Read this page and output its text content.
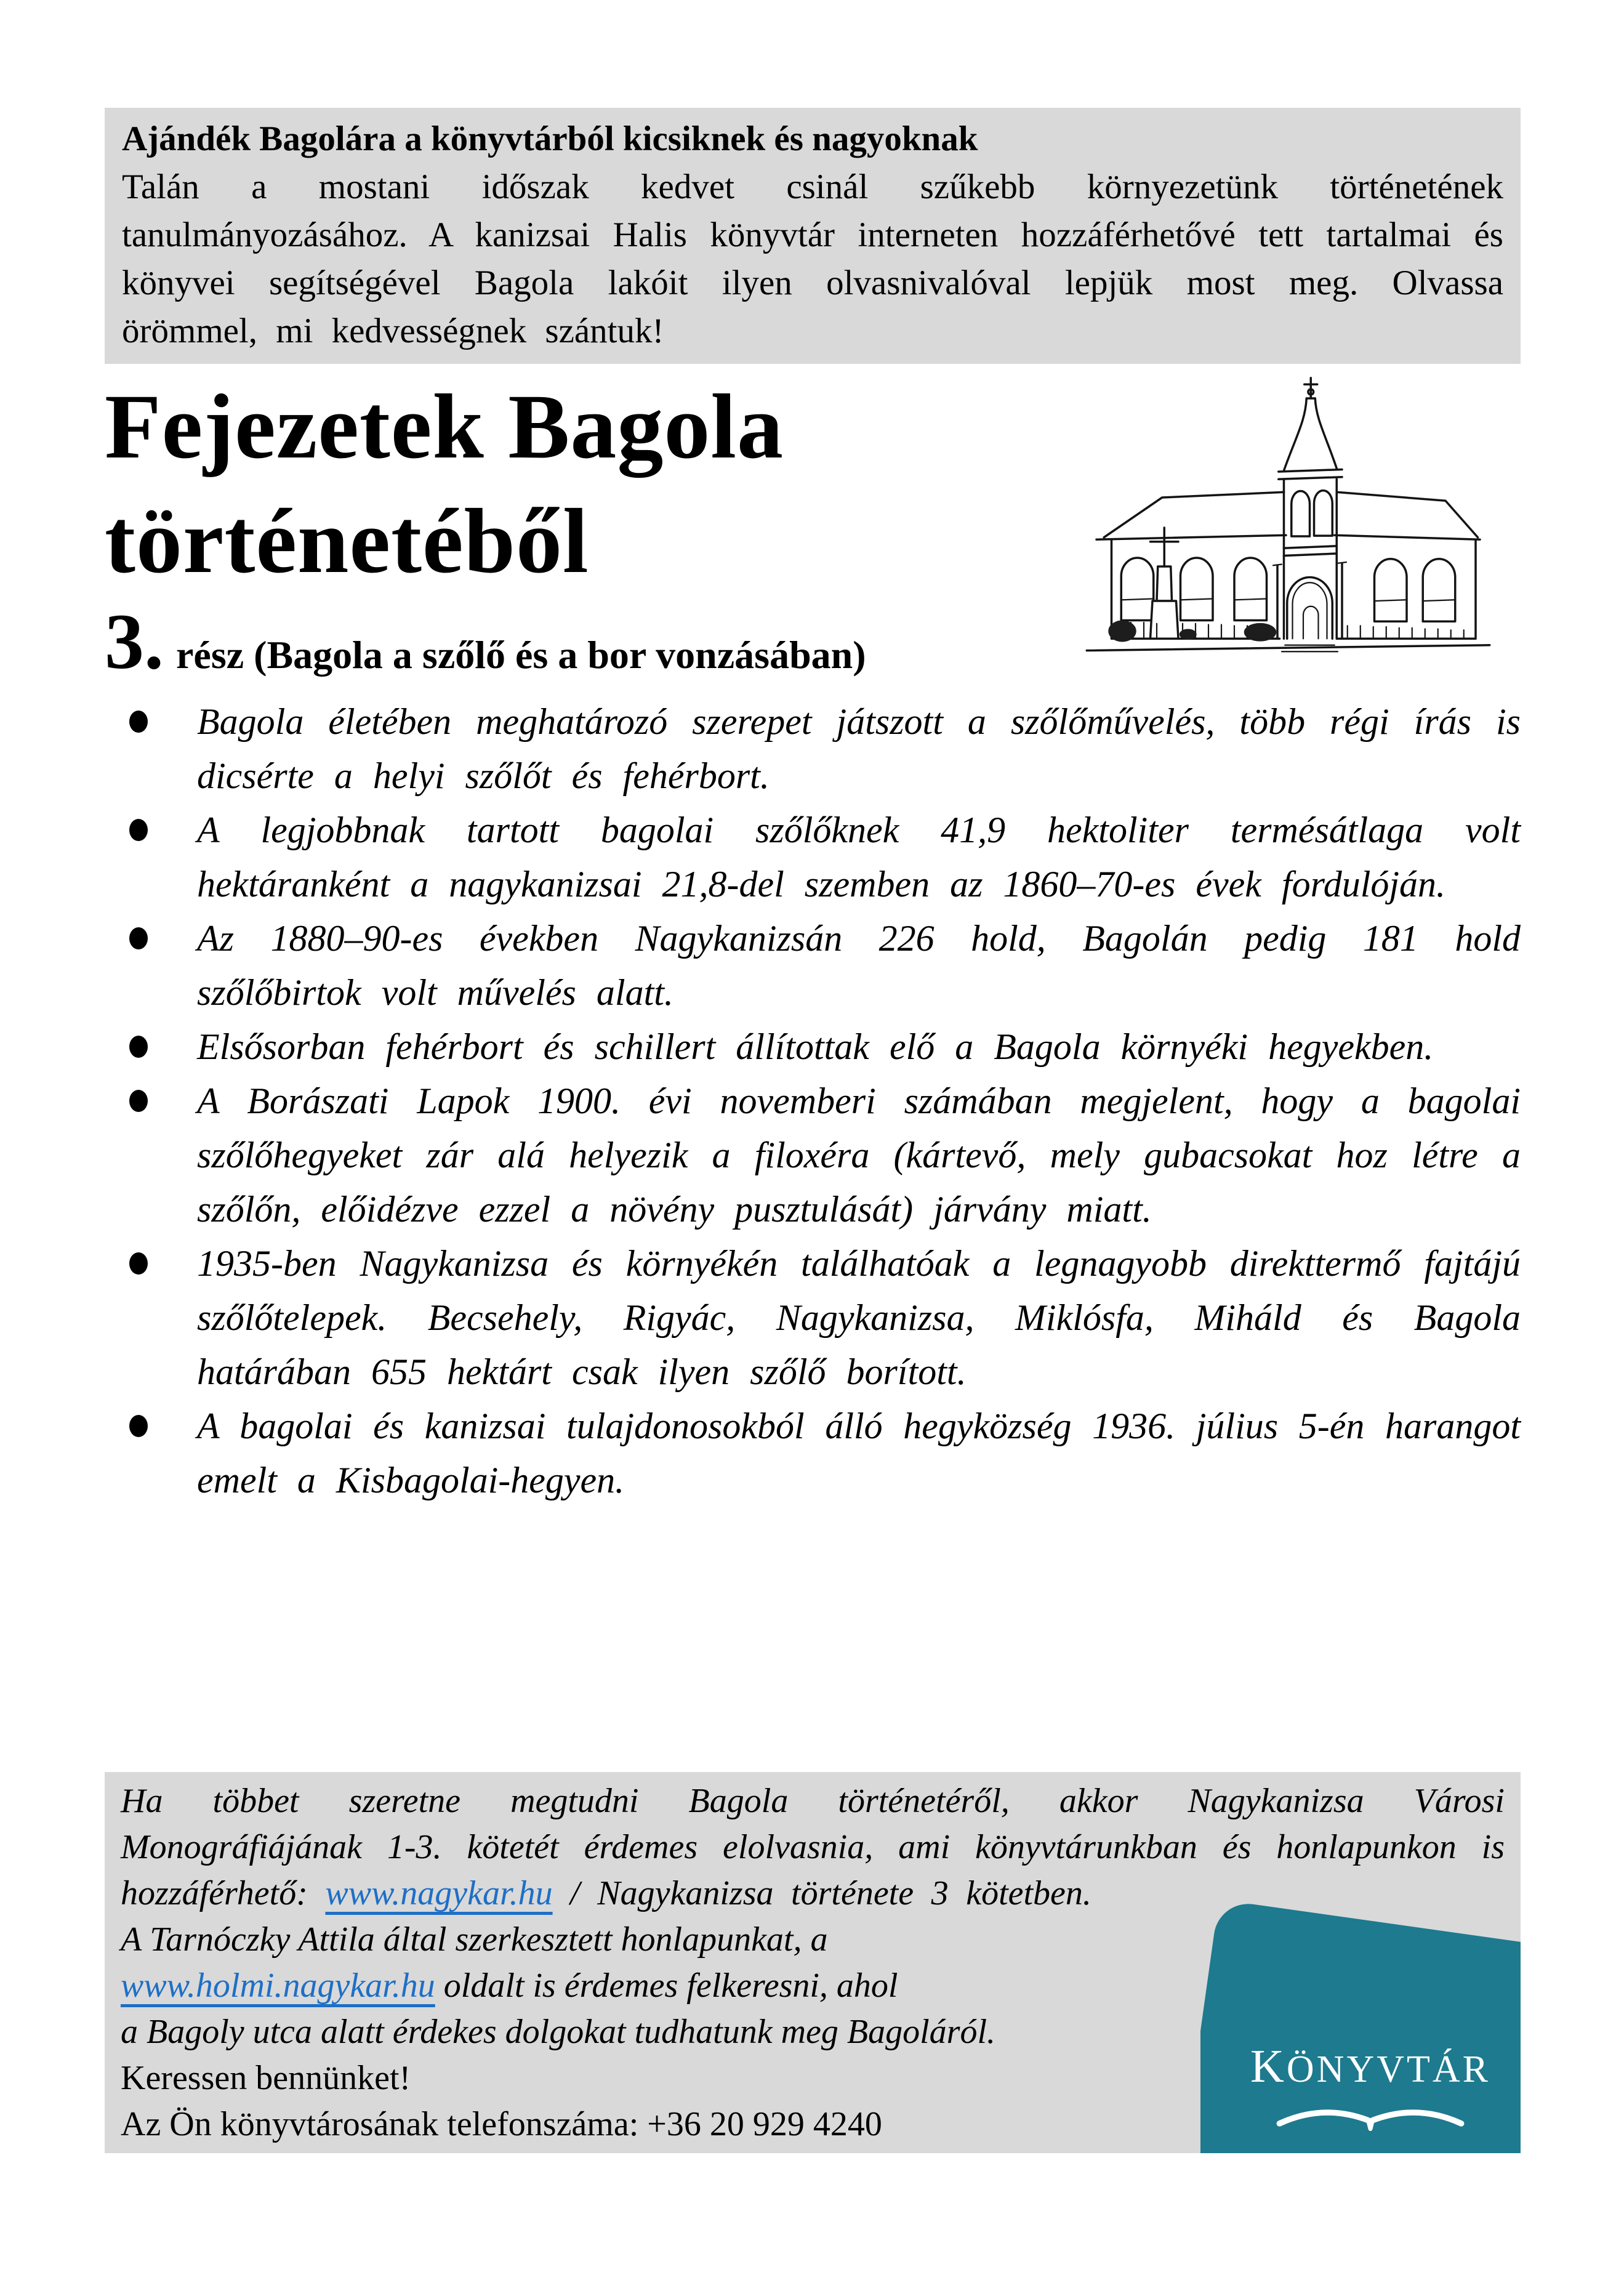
Ajándék Bagolára a könyvtárból kicsiknek és nagyoknak
Talán a mostani időszak kedvet csinál szűkebb környezetünk történetének tanulmányozásához. A kanizsai Halis könyvtár interneten hozzáférhetővé tett tartalmai és könyvei segítségével Bagola lakóit ilyen olvasnivalóval lepjük most meg. Olvassa örömmel, mi kedvességnek szántuk!
Fejezetek Bagola
történetéből
3. rész (Bagola a szőlő és a bor vonzásában)
Bagola életében meghatározó szerepet játszott a szőlőművelés, több régi írás is dicsérte a helyi szőlőt és fehérbort.
A legjobbnak tartott bagolai szőlőknek 41,9 hektoliter termésátlaga volt hektáranként a nagykanizsai 21,8-del szemben az 1860–70-es évek fordulóján.
Az 1880–90-es években Nagykanizsán 226 hold, Bagolán pedig 181 hold szőlőbirtok volt művelés alatt.
Elsősorban fehérbort és schillert állítottak elő a Bagola környéki hegyekben.
A Borászati Lapok 1900. évi novemberi számában megjelent, hogy a bagolai szőlőhegyeket zár alá helyezik a filoxéra (kártevő, mely gubacsokat hoz létre a szőlőn, előidézve ezzel a növény pusztulását) járvány miatt.
1935-ben Nagykanizsa és környékén találhatóak a legnagyobb direkttermő fajtájú szőlőtelepek. Becsehely, Rigyác, Nagykanizsa, Miklósfa, Miháld és Bagola határában 655 hektárt csak ilyen szőlő borított.
A bagolai és kanizsai tulajdonosokból álló hegyközség 1936. július 5-én harangot emelt a Kisbagolai-hegyen.

Ha többet szeretne megtudni Bagola történetéről, akkor Nagykanizsa Városi Monográfiájának 1-3. kötetét érdemes elolvasnia, ami könyvtárunkban és honlapunkon is hozzáférhető: www.nagykar.hu / Nagykanizsa története 3 kötetben.

A Tarnóczky Attila által szerkesztett honlapunkat, a
www.holmi.nagykar.hu oldalt is érdemes felkeresni, ahol
a Bagoly utca alatt érdekes dolgokat tudhatunk meg Bagoláról.
Keressen bennünket!
Az Ön könyvtárosának telefonszáma: +36 20 929 4240
KÖNYVTÁR
